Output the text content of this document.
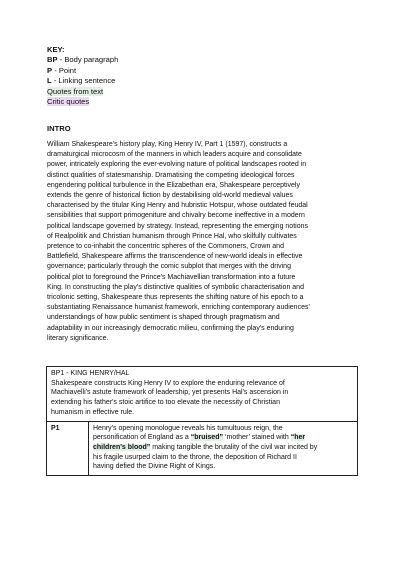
KEY:
BP - Body paragraph
P - Point
L - Linking sentence
Quotes from text
Critic quotes
INTRO
William Shakespeare's history play, King Henry IV, Part 1 (1597), constructs a
dramaturgical microcosm of the manners in which leaders acquire and consolidate
power, intricately exploring the ever-evolving nature of political landscapes rooted in
distinct qualities of statesmanship. Dramatising the competing ideological forces
engendering political turbulence in the Elizabethan era, Shakespeare perceptively
extends the genre of historical fiction by destabilising old-world medieval values
characterised by the titular King Henry and hubristic Hotspur, whose outdated feudal
sensibilities that support primogeniture and chivalry become ineffective in a modern
political landscape governed by strategy. Instead, representing the emerging notions
of Realpolitik and Christian humanism through Prince Hal, who skilfully cultivates
pretence to co-inhabit the concentric spheres of the Commoners, Crown and
Battlefield, Shakespeare affirms the transcendence of new-world ideals in effective
governance; particularly through the comic subplot that merges with the driving
political plot to foreground the Prince's Machiavellian transformation into a future
King. In constructing the play's distinctive qualities of symbolic characterisation and
tricolonic setting, Shakespeare thus represents the shifting nature of his epoch to a
substantiating Renaissance humanist framework, enriching contemporary audiences'
understandings of how public sentiment is shaped through pragmatism and
adaptability in our increasingly democratic milieu, confirming the play's enduring
literary significance.
BP1 - KING HENRY/HAL
Shakespeare constructs King Henry IV to explore the enduring relevance of
Machiavelli's astute framework of leadership, yet presents Hal's ascension in
extending his father's stoic artifice to too elevate the necessity of Christian
humanism in effective rule.

P1	Henry's opening monologue reveals his tumultuous reign, the
personification of England as a “bruised” ‘mother’ stained with “her
children's blood” making tangible the brutality of the civil war incited by
his fragile usurped claim to the throne, the deposition of Richard II
having defied the Divine Right of Kings.
